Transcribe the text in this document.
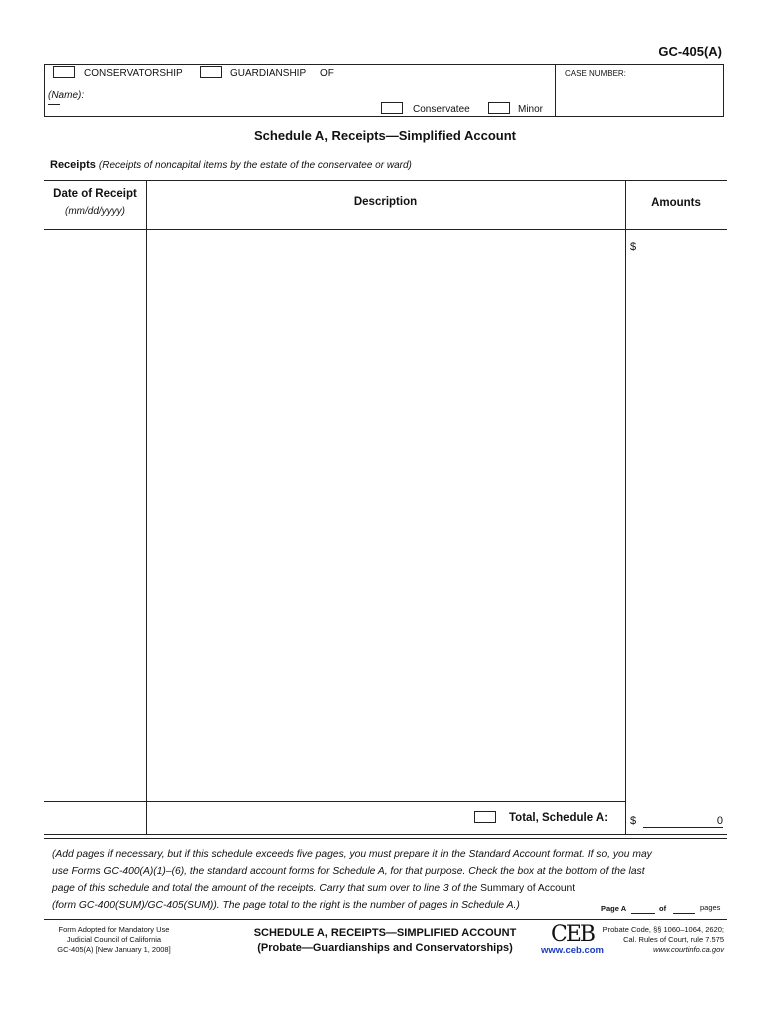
GC-405(A)
CONSERVATORSHIP	GUARDIANSHIP OF	CASE NUMBER:
(Name):
Conservatee	Minor
Schedule A, Receipts—Simplified Account
Receipts (Receipts of noncapital items by the estate of the conservatee or ward)
Date of Receipt
(mm/dd/yyyy)
Description	Amounts
$
Total, Schedule A: $	0
(Add pages if necessary, but if this schedule exceeds five pages, you must prepare it in the Standard Account format. If so, you may
use Forms GC-400(A)(1)–(6), the standard account forms for Schedule A, for that purpose. Check the box at the bottom of the last
page of this schedule and total the amount of the receipts. Carry that sum over to line 3 of the Summary of Account
(form GC-400(SUM)/GC-405(SUM)). The page total to the right is the number of pages in Schedule A.)	Page A	of	pages
Form Adopted for Mandatory Use
Judicial Council of California
GC-405(A) [New January 1, 2008]
SCHEDULE A, RECEIPTS—SIMPLIFIED ACCOUNT
(Probate—Guardianships and Conservatorships)
CEB
www.ceb.com
Probate Code, §§ 1060–1064, 2620;
Cal. Rules of Court, rule 7.575
www.courtinfo.ca.gov
